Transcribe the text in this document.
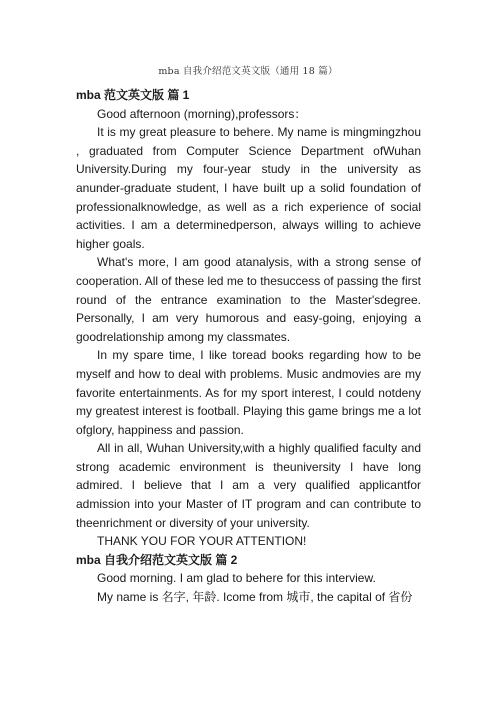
mba 自我介绍范文英文版（通用 18 篇）

mba 范文英文版 篇 1

Good afternoon (morning),professors：

It is my great pleasure to behere. My name is mingmingzhou , graduated from Computer Science Department ofWuhan University.During my four-year study in the university as anunder-graduate student, I have built up a solid foundation of professionalknowledge, as well as a rich experience of social activities. I am a determinedperson, always willing to achieve higher goals.

What's more, I am good atanalysis, with a strong sense of cooperation. All of these led me to thesuccess of passing the first round of the entrance examination to the Master'sdegree. Personally, I am very humorous and easy-going, enjoying a goodrelationship among my classmates.

In my spare time, I like toread books regarding how to be myself and how to deal with problems. Music andmovies are my favorite entertainments. As for my sport interest, I could notdeny my greatest interest is football. Playing this game brings me a lot ofglory, happiness and passion.

All in all, Wuhan University,with a highly qualified faculty and strong academic environment is theuniversity I have long admired. I believe that I am a very qualified applicantfor admission into your Master of IT program and can contribute to theenrichment or diversity of your university.

THANK YOU FOR YOUR ATTENTION!

mba 自我介绍范文英文版 篇 2

Good morning. I am glad to behere for this interview.

My name is 名字, 年龄. Icome from 城市, the capital of 省份
